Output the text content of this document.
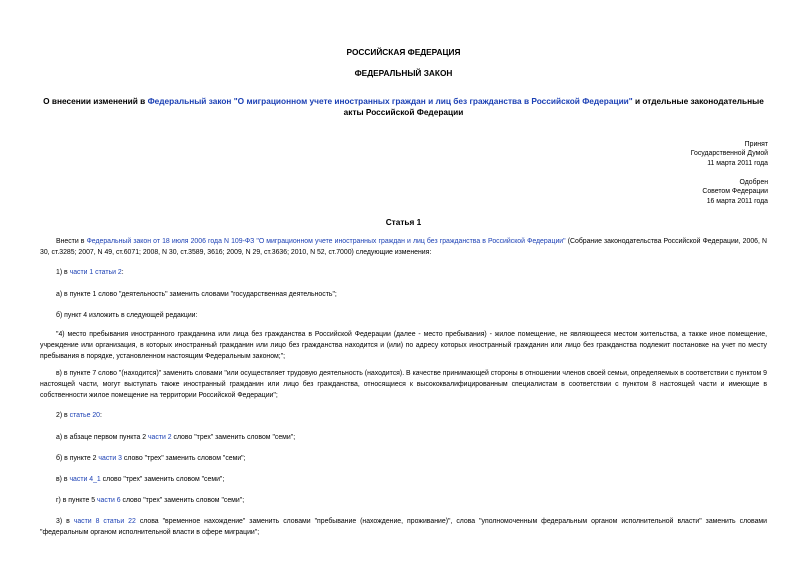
РОССИЙСКАЯ ФЕДЕРАЦИЯ
ФЕДЕРАЛЬНЫЙ ЗАКОН
О внесении изменений в Федеральный закон "О миграционном учете иностранных граждан и лиц без гражданства в Российской Федерации" и отдельные законодательные акты Российской Федерации
Принят
Государственной Думой
11 марта 2011 года
Одобрен
Советом Федерации
16 марта 2011 года
Статья 1
Внести в Федеральный закон от 18 июля 2006 года N 109-ФЗ "О миграционном учете иностранных граждан и лиц без гражданства в Российской Федерации" (Собрание законодательства Российской Федерации, 2006, N 30, ст.3285; 2007, N 49, ст.6071; 2008, N 30, ст.3589, 3616; 2009, N 29, ст.3636; 2010, N 52, ст.7000) следующие изменения:
1) в части 1 статьи 2:
а) в пункте 1 слово "деятельность" заменить словами "государственная деятельность";
б) пункт 4 изложить в следующей редакции:
"4) место пребывания иностранного гражданина или лица без гражданства в Российской Федерации (далее - место пребывания) - жилое помещение, не являющееся местом жительства, а также иное помещение, учреждение или организация, в которых иностранный гражданин или лицо без гражданства находится и (или) по адресу которых иностранный гражданин или лицо без гражданства подлежит постановке на учет по месту пребывания в порядке, установленном настоящим Федеральным законом;";
в) в пункте 7 слово "(находится)" заменить словами "или осуществляет трудовую деятельность (находится). В качестве принимающей стороны в отношении членов своей семьи, определяемых в соответствии с пунктом 9 настоящей части, могут выступать также иностранный гражданин или лицо без гражданства, относящиеся к высококвалифицированным специалистам в соответствии с пунктом 8 настоящей части и имеющие в собственности жилое помещение на территории Российской Федерации";
2) в статье 20:
а) в абзаце первом пункта 2 части 2 слово "трех" заменить словом "семи";
б) в пункте 2 части 3 слово "трех" заменить словом "семи";
в) в части 4_1 слово "трех" заменить словом "семи";
г) в пункте 5 части 6 слово "трех" заменить словом "семи";
3) в части 8 статьи 22 слова "временное нахождение" заменить словами "пребывание (нахождение, проживание)", слова "уполномоченным федеральным органом исполнительной власти" заменить словами "федеральным органом исполнительной власти в сфере миграции";
